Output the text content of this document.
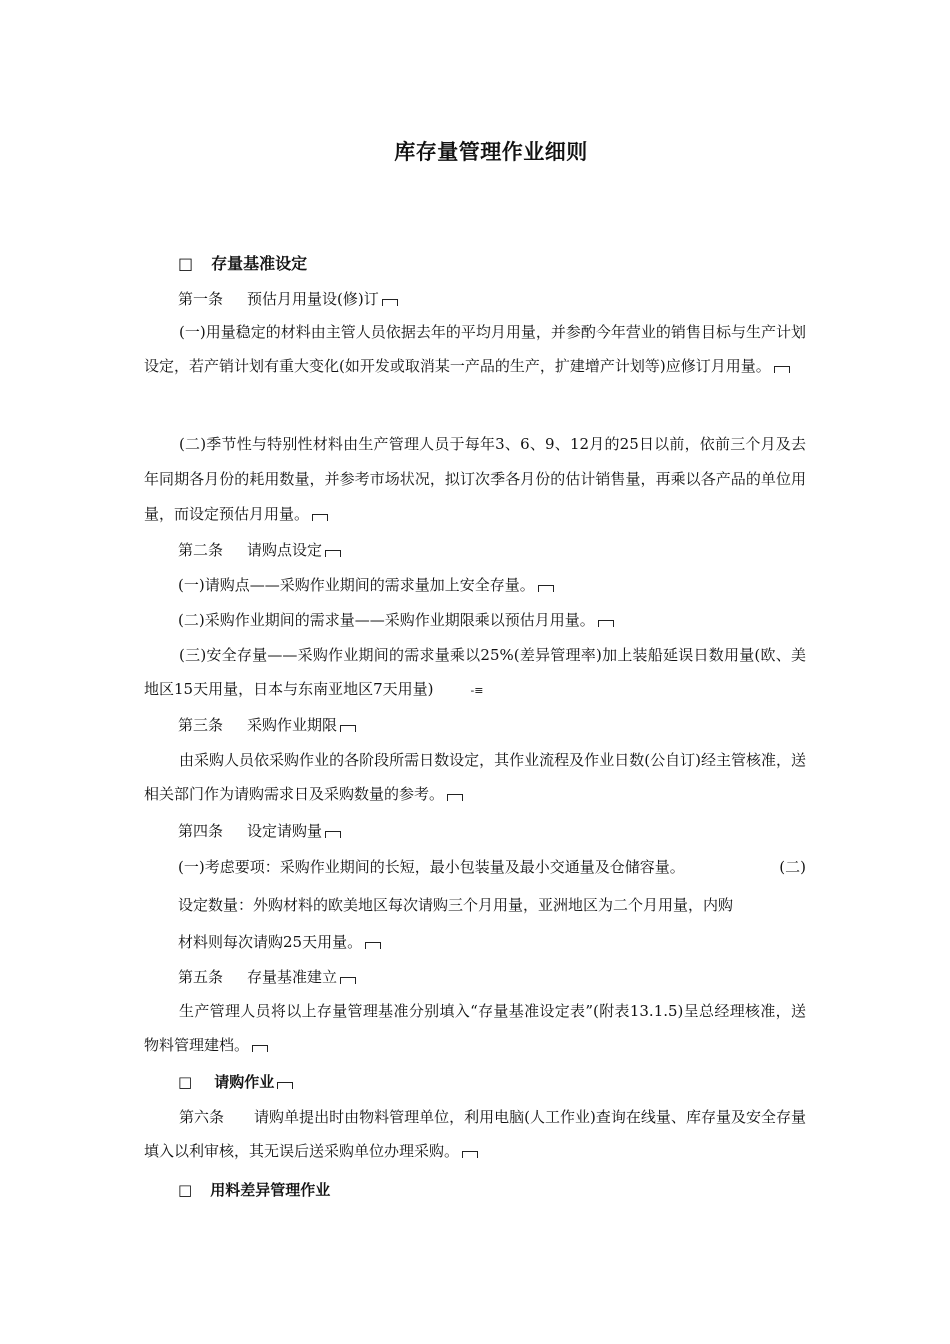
库存量管理作业细则
□ 存量基准设定
第一条 预估月用量设(修)订
(一)用量稳定的材料由主管人员依据去年的平均月用量，并参酌今年营业的销售目标与生产计划设定，若产销计划有重大变化(如开发或取消某一产品的生产，扩建增产计划等)应修订月用量。
(二)季节性与特别性材料由生产管理人员于每年3、6、9、12月的25日以前，依前三个月及去年同期各月份的耗用数量，并参考市场状况，拟订次季各月份的估计销售量，再乘以各产品的单位用量，而设定预估月用量。
第二条 请购点设定
(一)请购点——采购作业期间的需求量加上安全存量。
(二)采购作业期间的需求量——采购作业期限乘以预估月用量。
(三)安全存量——采购作业期间的需求量乘以25%(差异管理率)加上装船延误日数用量(欧、美地区15天用量，日本与东南亚地区7天用量)	-≡
第三条 采购作业期限
由采购人员依采购作业的各阶段所需日数设定，其作业流程及作业日数(公自订)经主管核准，送相关部门作为请购需求日及采购数量的参考。
第四条 设定请购量
(一)考虑要项：采购作业期间的长短，最小包装量及最小交通量及仓储容量。	(二)
设定数量：外购材料的欧美地区每次请购三个月用量，亚洲地区为二个月用量，内购
材料则每次请购25天用量。
第五条 存量基准建立
生产管理人员将以上存量管理基准分别填入“存量基准设定表”(附表13.1.5)呈总经理核准，送物料管理建档。
□ 请购作业
第六条 请购单提出时由物料管理单位，利用电脑(人工作业)查询在线量、库存量及安全存量填入以利审核，其无误后送采购单位办理采购。
□ 用料差异管理作业
